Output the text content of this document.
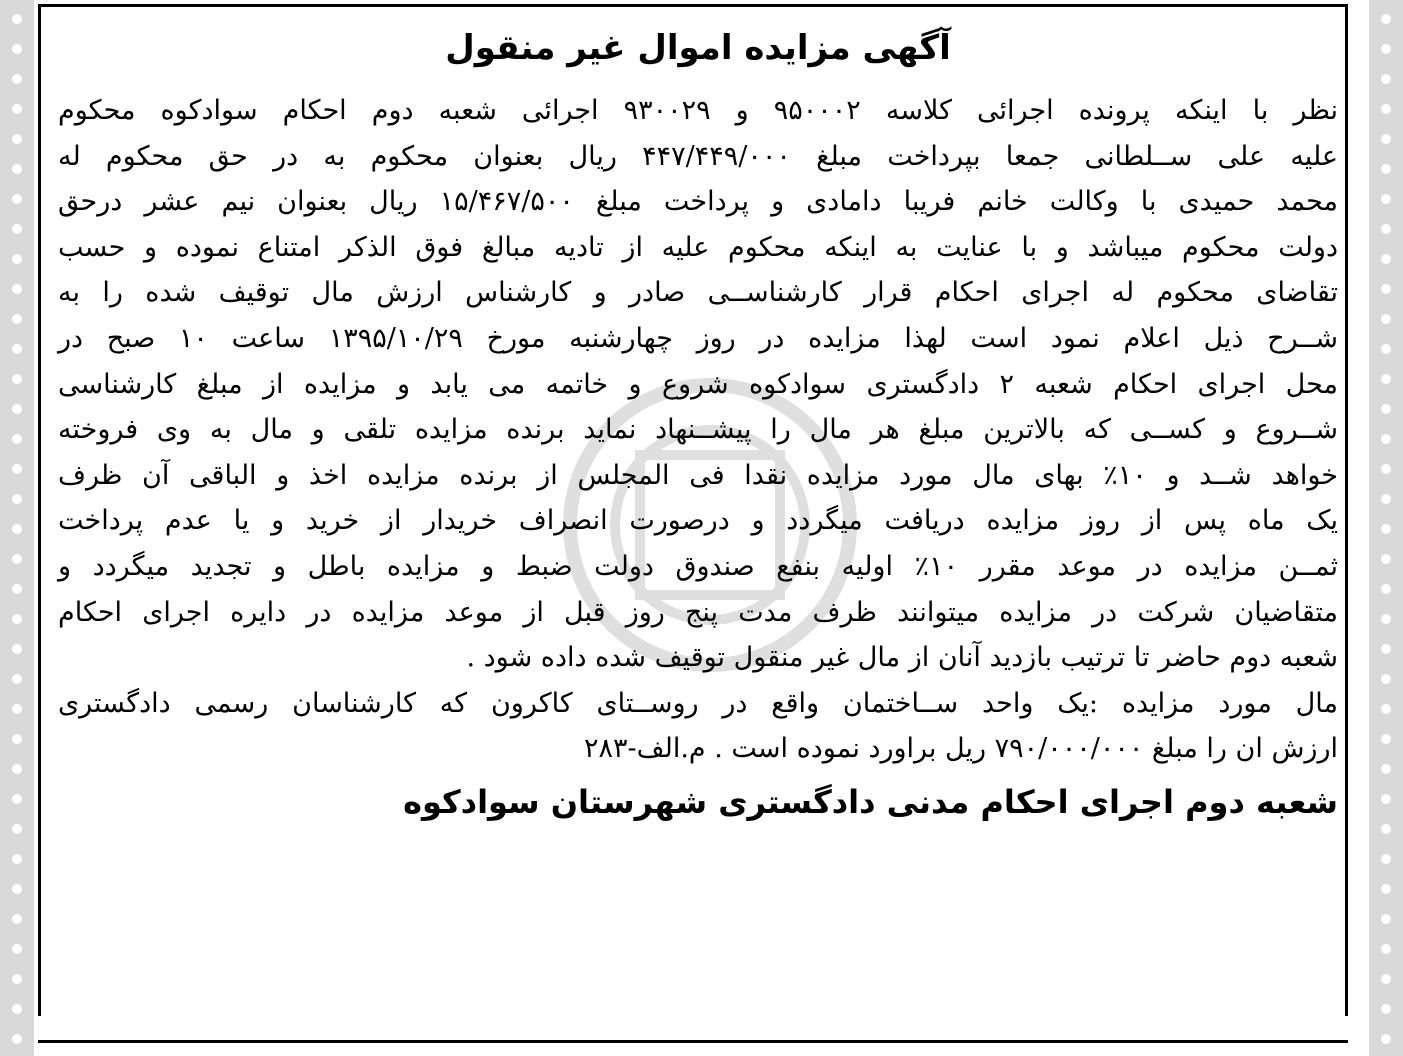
آگهی مزایده اموال غیر منقول

نظر با اینکه پرونده اجرائی کلاسه ۹۵۰۰۰۲ و ۹۳۰۰۲۹ اجرائی شعبه دوم احکام سوادکوه محکوم

علیه علی ســلطانی جمعا بپرداخت مبلغ ۴۴۷/۴۴۹/۰۰۰ ریال بعنوان محکوم به در حق محکوم له

محمد حمیدی با وکالت خانم فریبا دامادی و پرداخت مبلغ ۱۵/۴۶۷/۵۰۰ ریال بعنوان نیم عشر درحق

دولت محکوم میباشد و با عنایت به اینکه محکوم علیه از تادیه مبالغ فوق الذکر امتناع نموده و حسب

تقاضای محکوم له اجرای احکام قرار کارشناســی صادر و کارشناس ارزش مال توقیف شده را به

شــرح ذیل اعلام نمود است لهذا مزایده در روز چهارشنبه مورخ ۱۳۹۵/۱۰/۲۹ ساعت ۱۰ صبح در

محل اجرای احکام شعبه ۲ دادگستری سوادکوه شروع و خاتمه می یابد و مزایده از مبلغ کارشناسی

شــروع و کســی که بالاترین مبلغ هر مال را پیشــنهاد نماید برنده مزایده تلقی و مال به وی فروخته

خواهد شــد و ۱۰٪ بهای مال مورد مزایده نقدا فی المجلس از برنده مزایده اخذ و الباقی آن ظرف

یک ماه پس از روز مزایده دریافت میگردد و درصورت انصراف خریدار از خرید و یا عدم پرداخت

ثمــن مزایده در موعد مقرر ۱۰٪ اولیه بنفع صندوق دولت ضبط و مزایده باطل و تجدید میگردد و

متقاضیان شرکت در مزایده میتوانند ظرف مدت پنج روز قبل از موعد مزایده در دایره اجرای احکام

شعبه دوم حاضر تا ترتیب بازدید آنان از مال غیر منقول توقیف شده داده شود .

مال مورد مزایده :یک واحد ســاختمان واقع در روســتای کاکرون که کارشناسان رسمی دادگستری

ارزش ان را مبلغ ۷۹۰/۰۰۰/۰۰۰ ریل براورد نموده است . م.الف-۲۸۳

شعبه دوم اجرای احکام مدنی دادگستری شهرستان سوادکوه
